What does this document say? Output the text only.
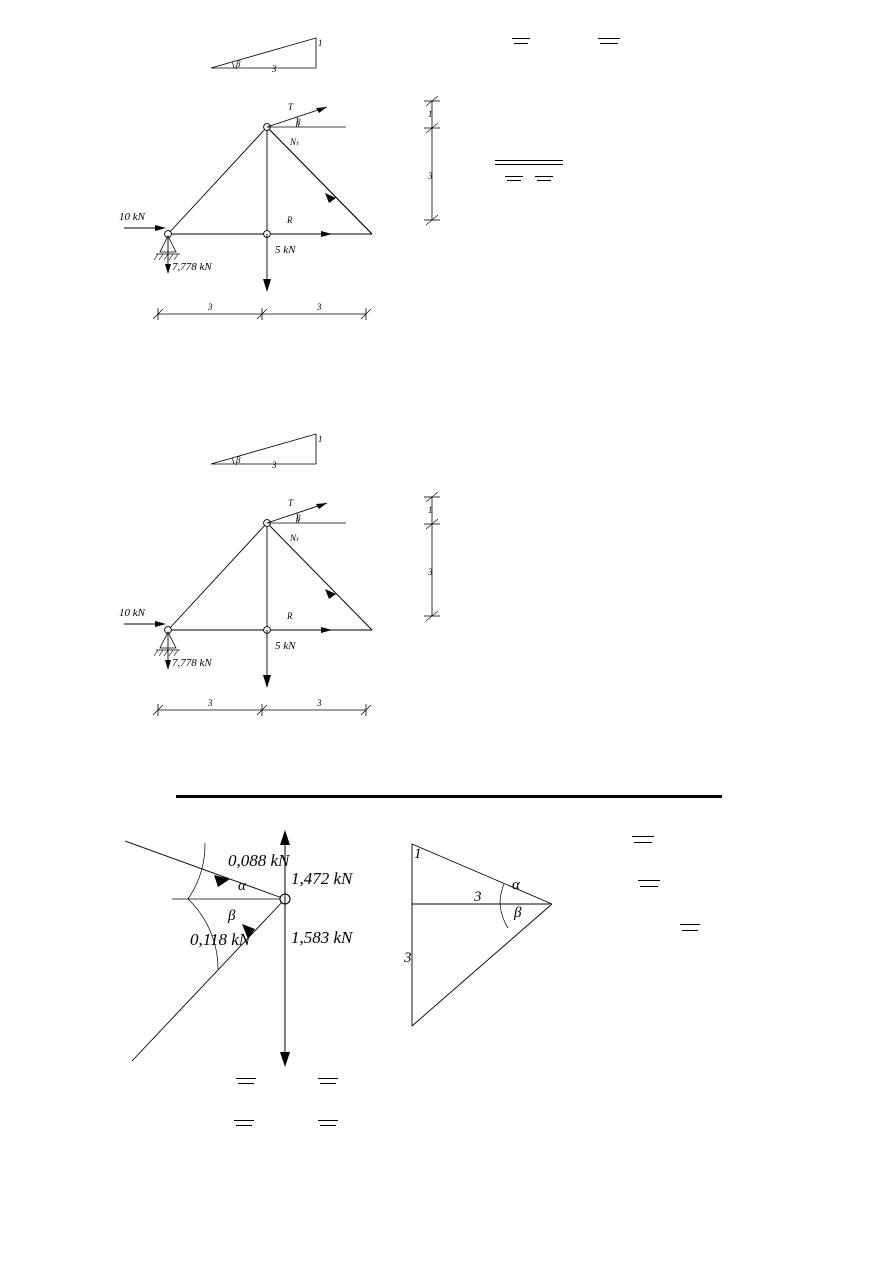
1
3
β
T
Nₜ
R
10 kN
5 kN
7,778 kN
β
3	3
1
3
1
3
β
T
Nₜ
R
10 kN
5 kN
7,778 kN
β
3	3
1
3
0,088 kN
0,118 kN
1,472 kN
1,583 kN
α
β
1
3
3
α
β
